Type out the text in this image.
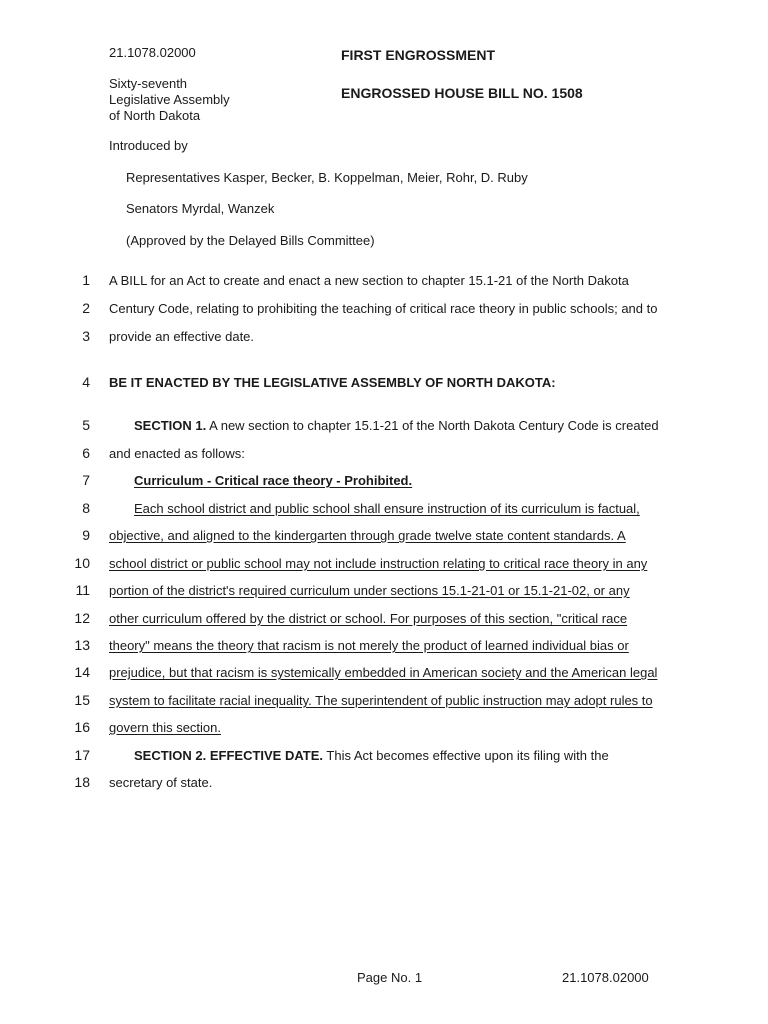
21.1078.02000
Sixty-seventh
Legislative Assembly
of North Dakota
FIRST ENGROSSMENT
ENGROSSED HOUSE BILL NO. 1508
Introduced by
Representatives Kasper, Becker, B. Koppelman, Meier, Rohr, D. Ruby
Senators Myrdal, Wanzek
(Approved by the Delayed Bills Committee)
1 A BILL for an Act to create and enact a new section to chapter 15.1-21 of the North Dakota
2 Century Code, relating to prohibiting the teaching of critical race theory in public schools; and to
3 provide an effective date.
4 BE IT ENACTED BY THE LEGISLATIVE ASSEMBLY OF NORTH DAKOTA:
5	SECTION 1. A new section to chapter 15.1-21 of the North Dakota Century Code is created
6 and enacted as follows:
7	Curriculum - Critical race theory - Prohibited.
8	Each school district and public school shall ensure instruction of its curriculum is factual,
9 objective, and aligned to the kindergarten through grade twelve state content standards. A
10 school district or public school may not include instruction relating to critical race theory in any
11 portion of the district's required curriculum under sections 15.1-21-01 or 15.1-21-02, or any
12 other curriculum offered by the district or school. For purposes of this section, "critical race
13 theory" means the theory that racism is not merely the product of learned individual bias or
14 prejudice, but that racism is systemically embedded in American society and the American legal
15 system to facilitate racial inequality. The superintendent of public instruction may adopt rules to
16 govern this section.
17	SECTION 2. EFFECTIVE DATE. This Act becomes effective upon its filing with the
18 secretary of state.
Page No. 1	21.1078.02000
